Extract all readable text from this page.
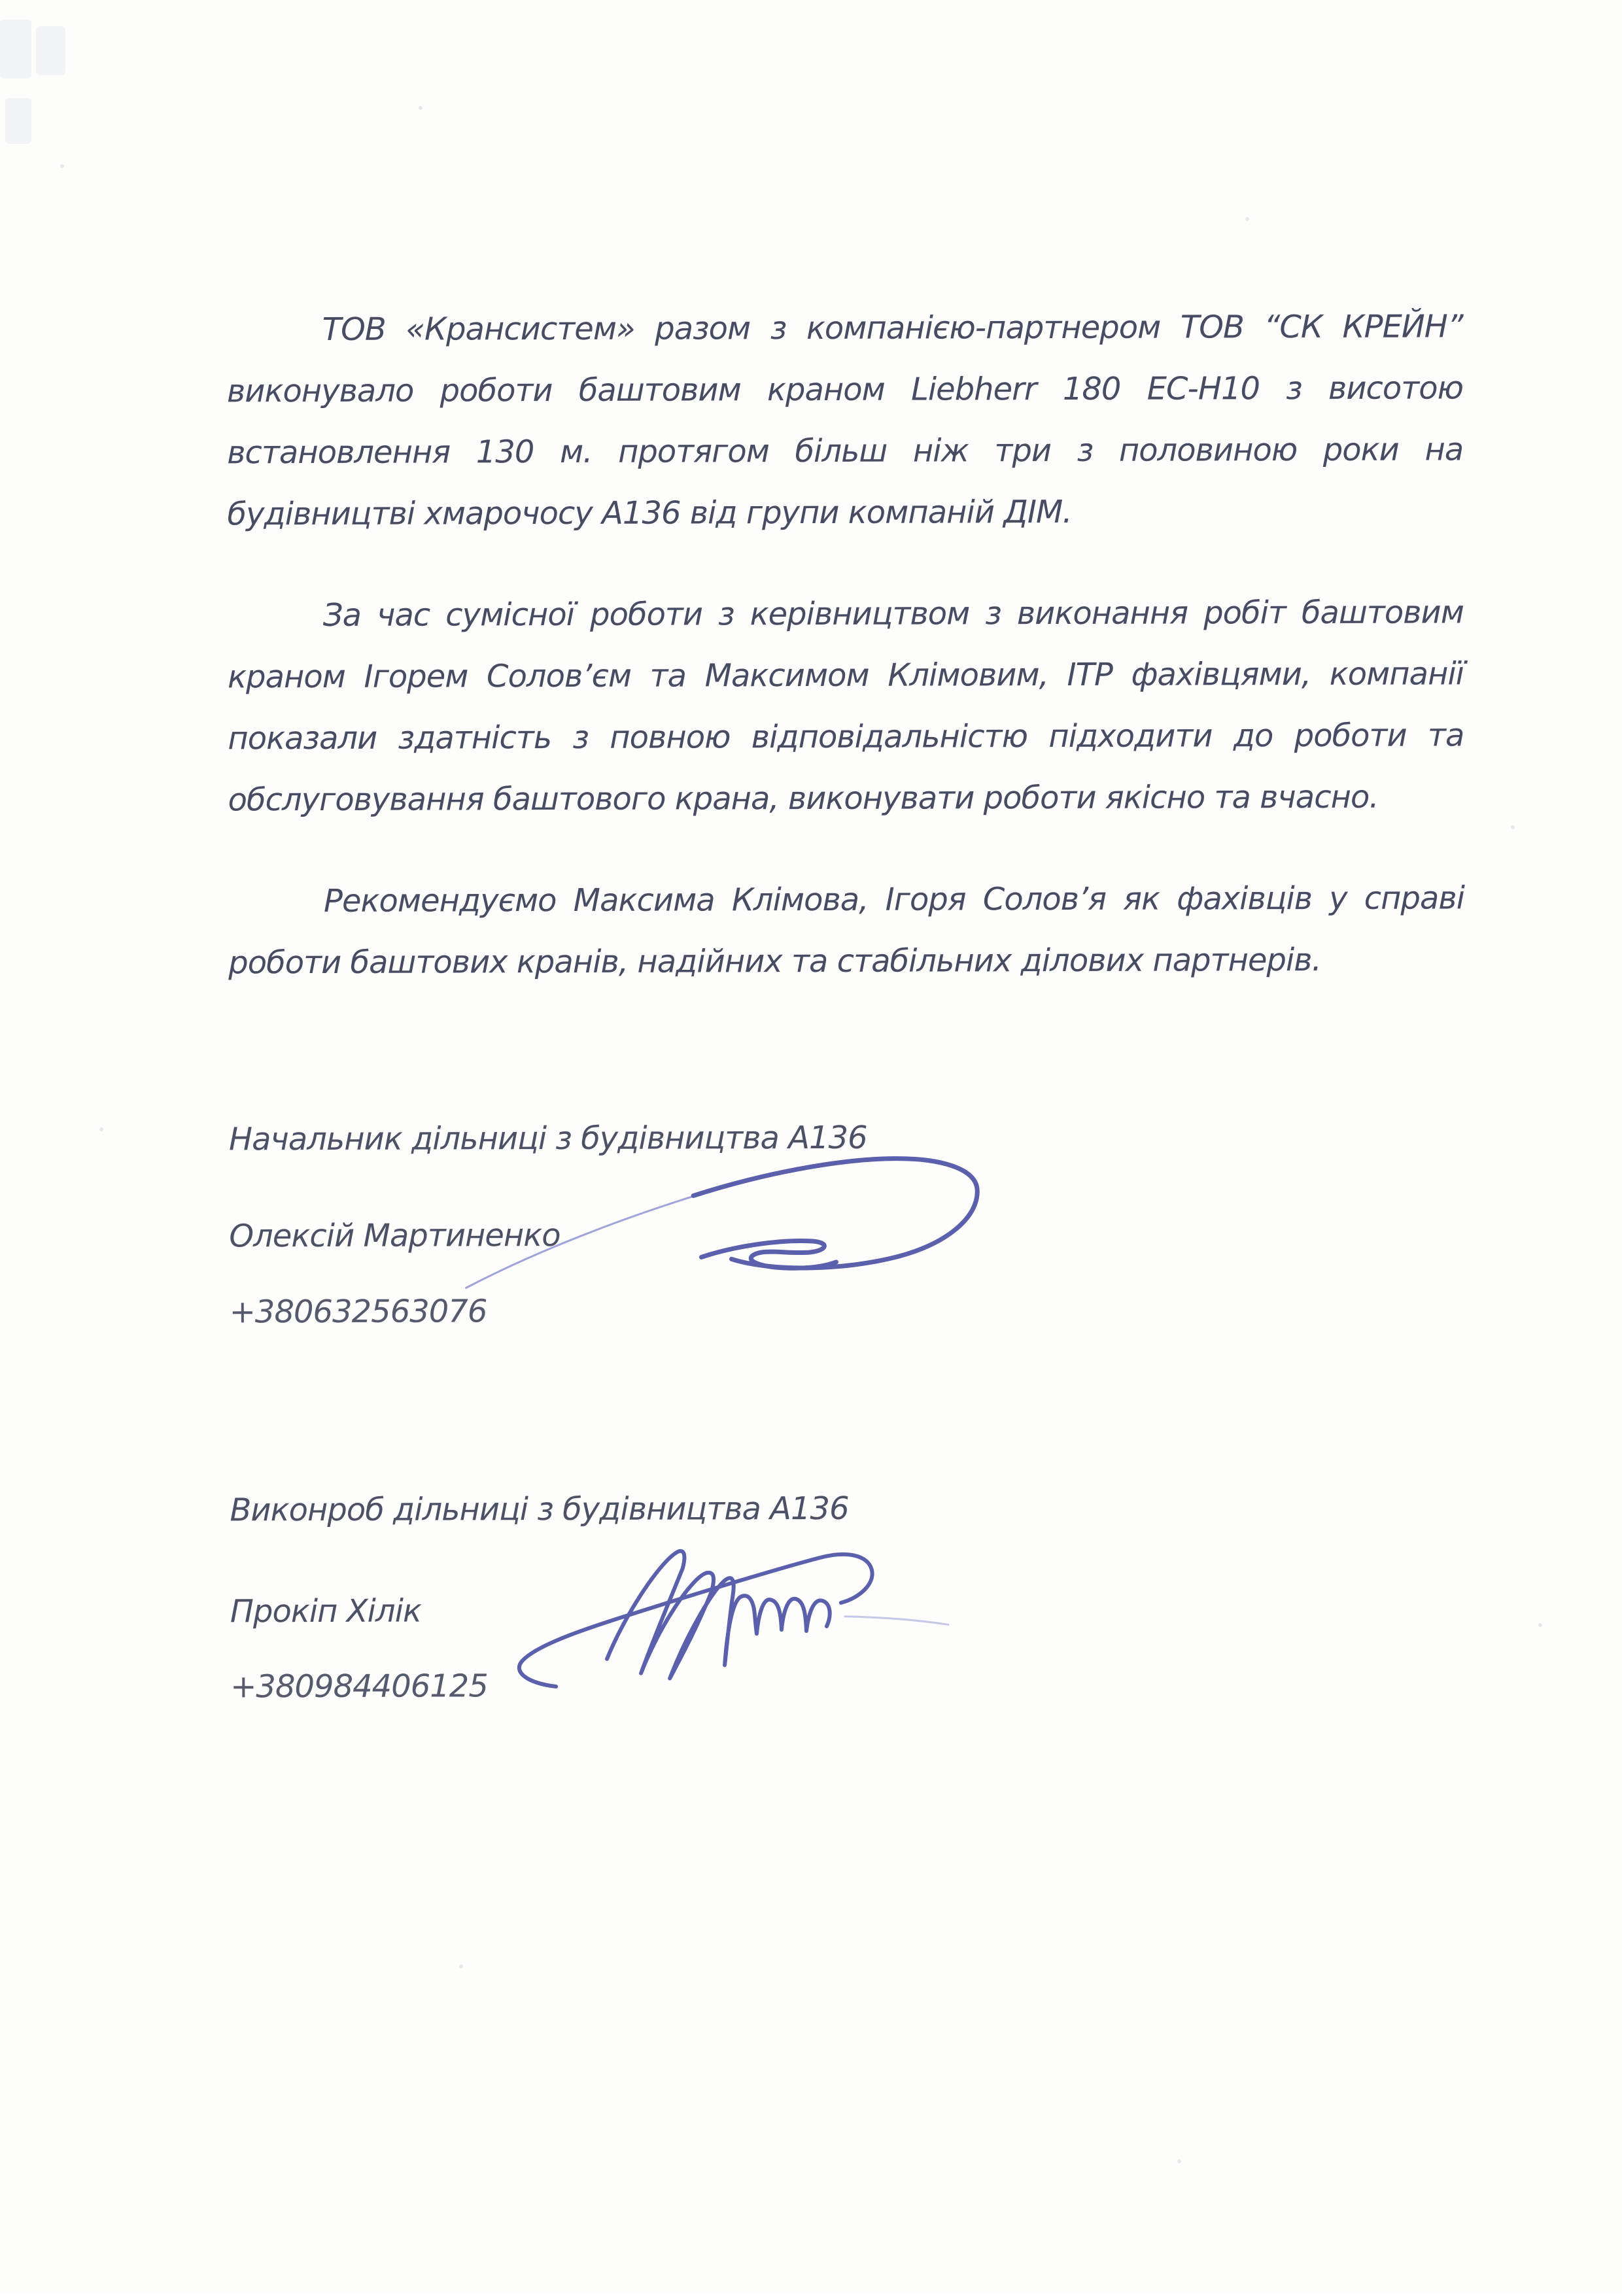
ТОВ «Крансистем» разом з компанією-партнером ТОВ “СК КРЕЙН”
виконувало роботи баштовим краном Liebherr 180 EC-H10 з висотою
встановлення 130 м. протягом більш ніж три з половиною роки на
будівництві хмарочосу А136 від групи компаній ДІМ.
За час сумісної роботи з керівництвом з виконання робіт баштовим
краном Ігорем Солов’єм та Максимом Клімовим, ІТР фахівцями, компанії
показали здатність з повною відповідальністю підходити до роботи та
обслуговування баштового крана, виконувати роботи якісно та вчасно.
Рекомендуємо Максима Клімова, Ігоря Солов’я як фахівців у справі
роботи баштових кранів, надійних та стабільних ділових партнерів.
Начальник дільниці з будівництва А136
Олексій Мартиненко
+380632563076
Виконроб дільниці з будівництва А136
Прокіп Хілік
+380984406125
